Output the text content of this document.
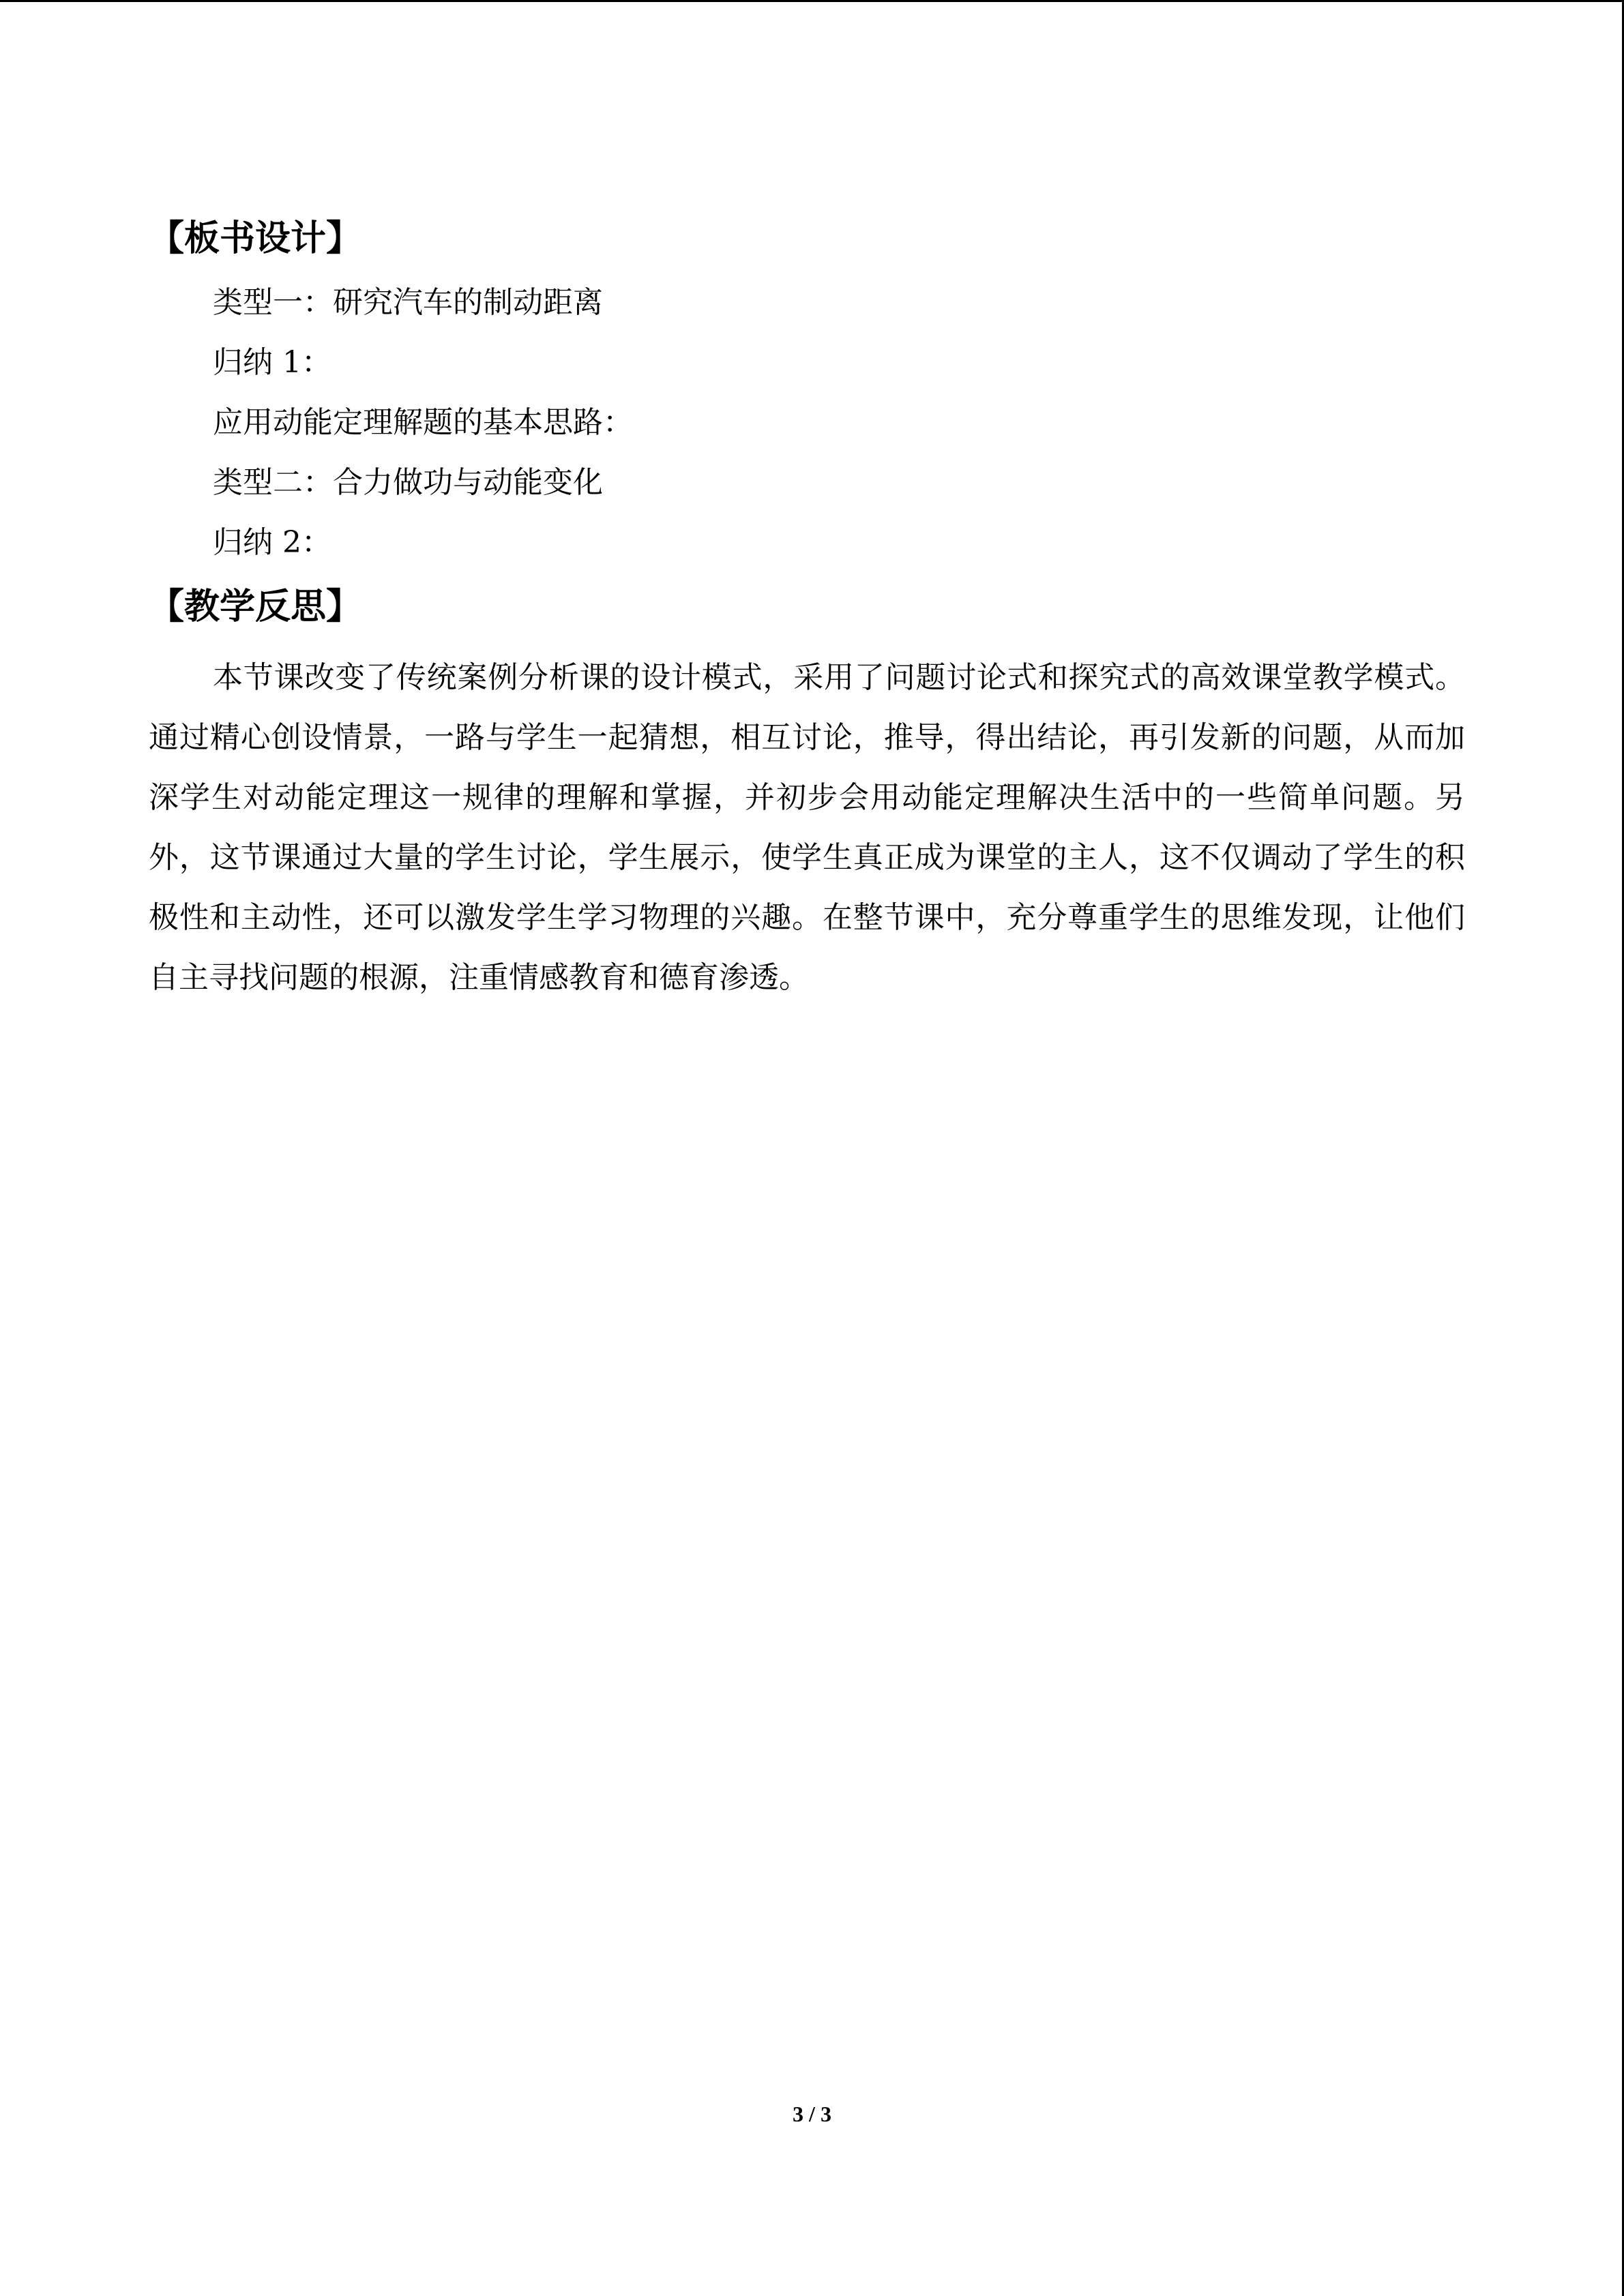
【板书设计】
类型一：研究汽车的制动距离
归纳 1：
应用动能定理解题的基本思路：
类型二：合力做功与动能变化
归纳 2：
【教学反思】

本节课改变了传统案例分析课的设计模式，采用了问题讨论式和探究式的高效课堂教学模式。通过精心创设情景，一路与学生一起猜想，相互讨论，推导，得出结论，再引发新的问题，从而加深学生对动能定理这一规律的理解和掌握，并初步会用动能定理解决生活中的一些简单问题。另外，这节课通过大量的学生讨论，学生展示，使学生真正成为课堂的主人，这不仅调动了学生的积极性和主动性，还可以激发学生学习物理的兴趣。在整节课中，充分尊重学生的思维发现，让他们自主寻找问题的根源，注重情感教育和德育渗透。

3 / 3
